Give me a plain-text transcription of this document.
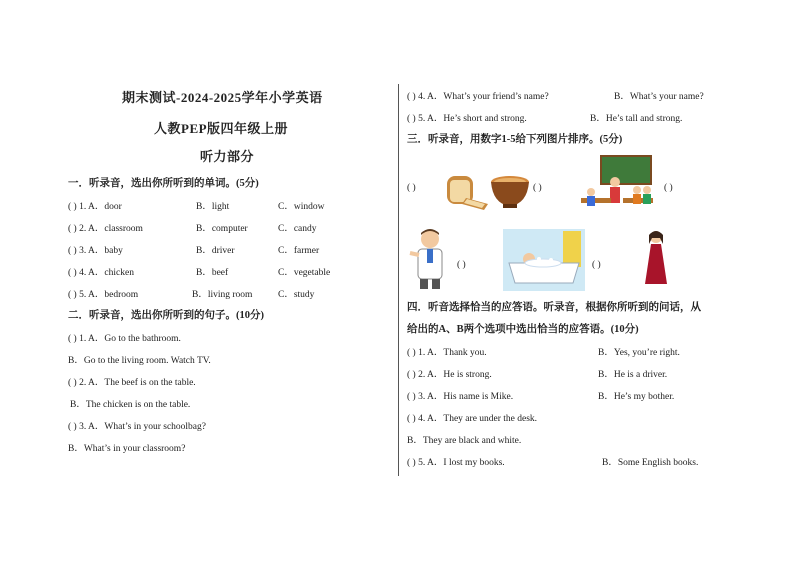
期末测试-2024-2025学年小学英语
人教PEP版四年级上册
听力部分
一．听录音，选出你所听到的单词。(5分)
( ) 1. A．door	B．light	C．window
( ) 2. A．classroom	B．computer	C．candy
( ) 3. A．baby	B．driver	C．farmer
( ) 4. A．chicken	B．beef	C．vegetable
( ) 5. A．bedroom	B．living room	C．study
二．听录音，选出你所听到的句子。(10分)
( ) 1. A．Go to the bathroom.
B．Go to the living room. Watch TV.
( ) 2. A．The beef is on the table.
B．The chicken is on the table.
( ) 3. A．What’s in your schoolbag?
B．What’s in your classroom?
( ) 4. A．What’s your friend’s name?	B．What’s your name?
( ) 5. A．He’s short and strong.	B．He’s tall and strong.
三．听录音，用数字1-5给下列图片排序。(5分)
( )	( )	( )
( )	( )
四．听音选择恰当的应答语。听录音，根据你所听到的问话，从
给出的A、B两个选项中选出恰当的应答语。(10分)
( ) 1. A．Thank you.	B．Yes, you’re right.
( ) 2. A．He is strong.	B．He is a driver.
( ) 3. A．His name is Mike.	B．He’s my bother.
( ) 4. A．They are under the desk.
B．They are black and white.
( ) 5. A．I lost my books.	B．Some English books.
